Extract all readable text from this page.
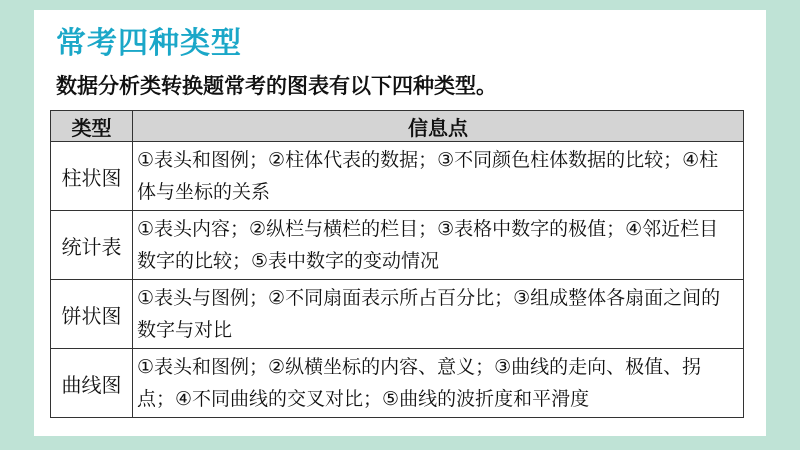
常考四种类型
数据分析类转换题常考的图表有以下四种类型。
类型	信息点
柱状图	①表头和图例；②柱体代表的数据；③不同颜色柱体数据的比较；④柱体与坐标的关系
统计表	①表头内容；②纵栏与横栏的栏目；③表格中数字的极值；④邻近栏目数字的比较；⑤表中数字的变动情况
饼状图	①表头与图例；②不同扇面表示所占百分比；③组成整体各扇面之间的数字与对比
曲线图	①表头和图例；②纵横坐标的内容、意义；③曲线的走向、极值、拐点；④不同曲线的交叉对比；⑤曲线的波折度和平滑度
